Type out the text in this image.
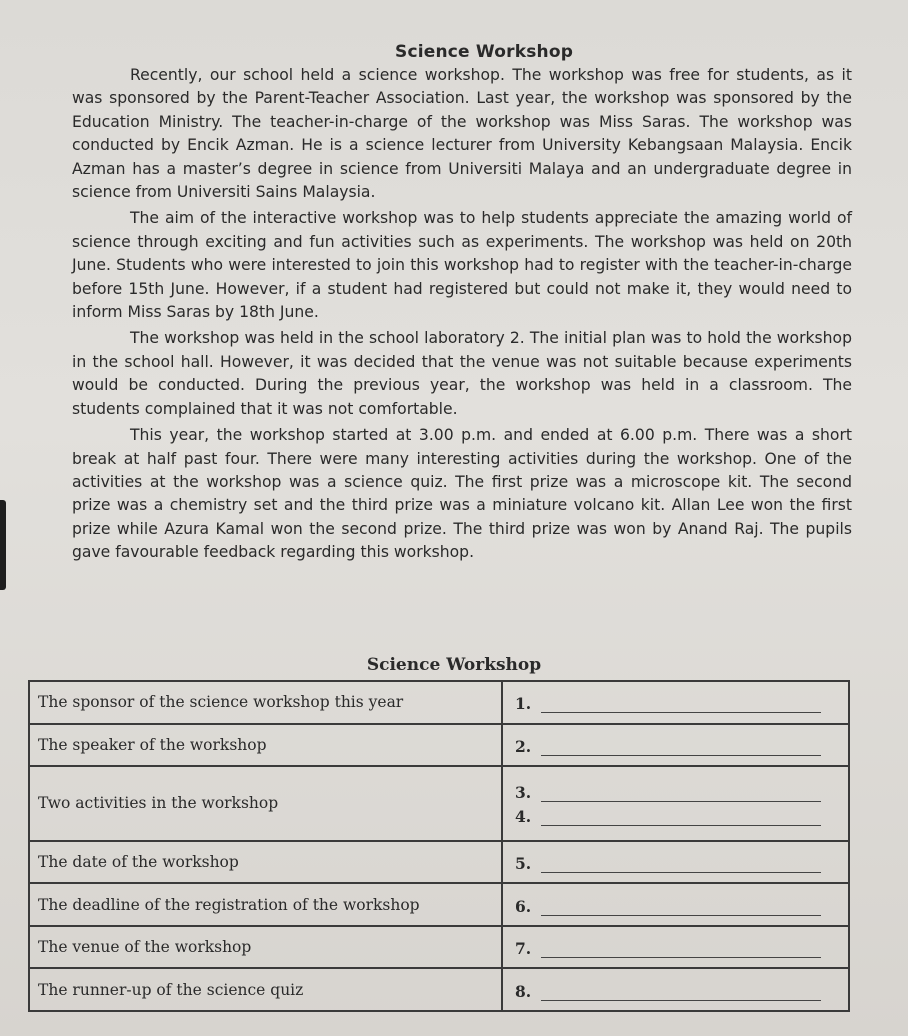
Science Workshop

Recently, our school held a science workshop. The workshop was free for students, as it was sponsored by the Parent-Teacher Association. Last year, the workshop was sponsored by the Education Ministry. The teacher-in-charge of the workshop was Miss Saras. The workshop was conducted by Encik Azman. He is a science lecturer from University Kebangsaan Malaysia. Encik Azman has a master’s degree in science from Universiti Malaya and an undergraduate degree in science from Universiti Sains Malaysia.

The aim of the interactive workshop was to help students appreciate the amazing world of science through exciting and fun activities such as experiments. The workshop was held on 20th June. Students who were interested to join this workshop had to register with the teacher-in-charge before 15th June. However, if a student had registered but could not make it, they would need to inform Miss Saras by 18th June.

The workshop was held in the school laboratory 2. The initial plan was to hold the workshop in the school hall. However, it was decided that the venue was not suitable because experiments would be conducted. During the previous year, the workshop was held in a classroom. The students complained that it was not comfortable.

This year, the workshop started at 3.00 p.m. and ended at 6.00 p.m. There was a short break at half past four. There were many interesting activities during the workshop. One of the activities at the workshop was a science quiz. The first prize was a microscope kit. The second prize was a chemistry set and the third prize was a miniature volcano kit. Allan Lee won the first prize while Azura Kamal won the second prize. The third prize was won by Anand Raj. The pupils gave favourable feedback regarding this workshop.

Science Workshop
The sponsor of the science workshop this year	1.

The speaker of the workshop	2.

Two activities in the workshop	3.
4.

The date of the workshop	5.

The deadline of the registration of the workshop	6.

The venue of the workshop	7.

The runner-up of the science quiz	8.
